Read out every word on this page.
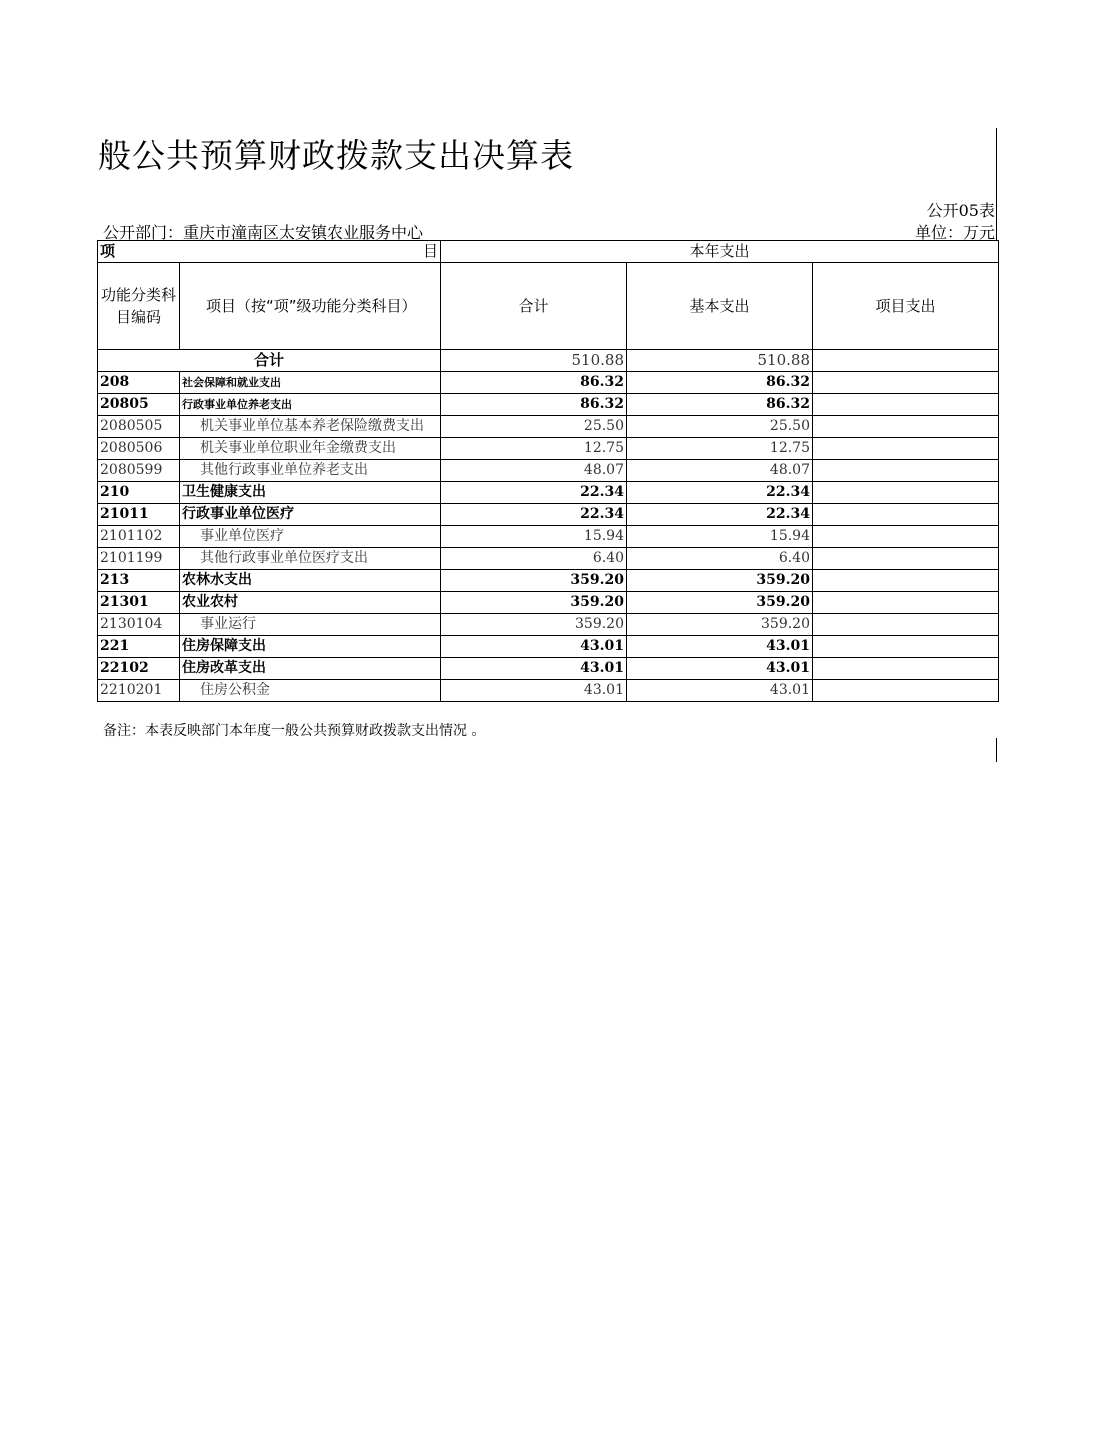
般公共预算财政拨款支出决算表
公开05表
公开部门：重庆市潼南区太安镇农业服务中心	单位：万元
项 目		本年支出		
功能分类科目编码	项目（按“项”级功能分类科目）	合计	基本支出	项目支出
合计		510.88	510.88	
208	社会保障和就业支出	86.32	86.32	
20805	行政事业单位养老支出	86.32	86.32	
2080505	机关事业单位基本养老保险缴费支出	25.50	25.50	
2080506	机关事业单位职业年金缴费支出	12.75	12.75	
2080599	其他行政事业单位养老支出	48.07	48.07	
210	卫生健康支出	22.34	22.34	
21011	行政事业单位医疗	22.34	22.34	
2101102	事业单位医疗	15.94	15.94	
2101199	其他行政事业单位医疗支出	6.40	6.40	
213	农林水支出	359.20	359.20	
21301	农业农村	359.20	359.20	
2130104	事业运行	359.20	359.20	
221	住房保障支出	43.01	43.01	
22102	住房改革支出	43.01	43.01	
2210201	住房公积金	43.01	43.01	
备注：本表反映部门本年度一般公共预算财政拨款支出情况 。
